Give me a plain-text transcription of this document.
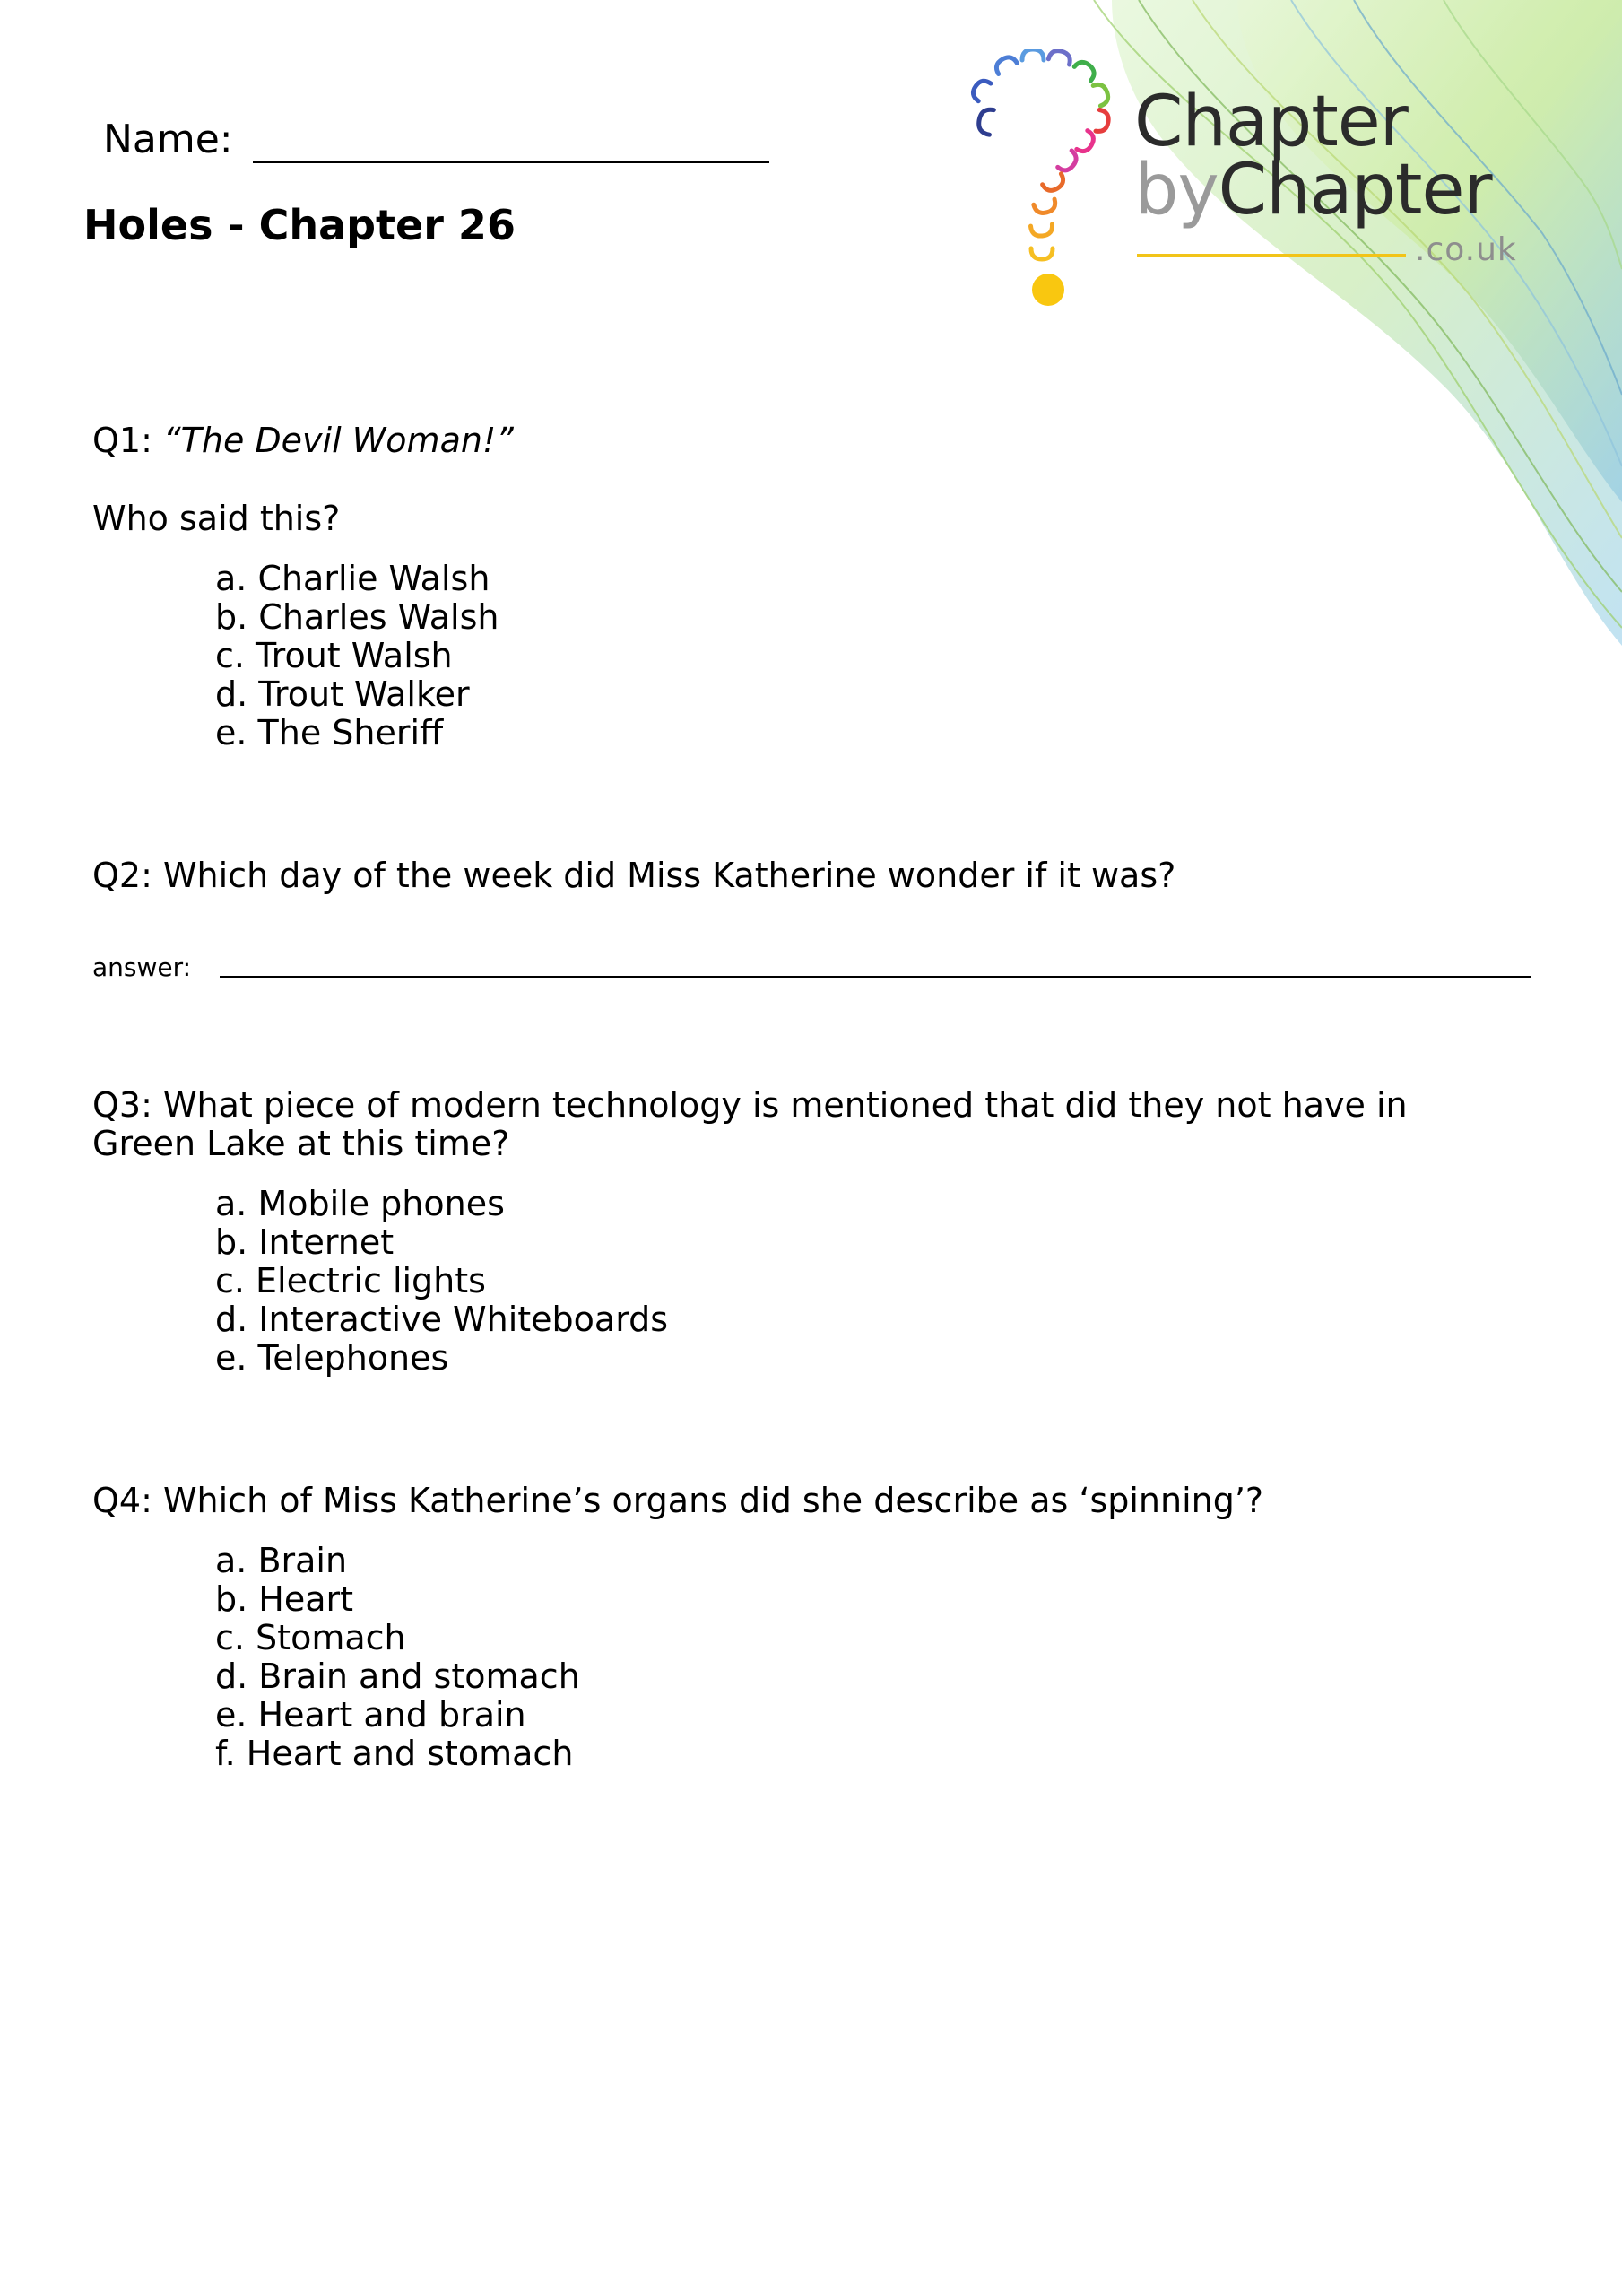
Chapter
byChapter
.co.uk
Name:
Holes - Chapter 26
Q1: “The Devil Woman!”
Who said this?
a. Charlie Walsh
b. Charles Walsh
c. Trout Walsh
d. Trout Walker
e. The Sheriff
Q2: Which day of the week did Miss Katherine wonder if it was?
answer:
Q3: What piece of modern technology is mentioned that did they not have in Green Lake at this time?
a. Mobile phones
b. Internet
c. Electric lights
d. Interactive Whiteboards
e. Telephones
Q4: Which of Miss Katherine’s organs did she describe as ‘spinning’?
a. Brain
b. Heart
c. Stomach
d. Brain and stomach
e. Heart and brain
f. Heart and stomach
